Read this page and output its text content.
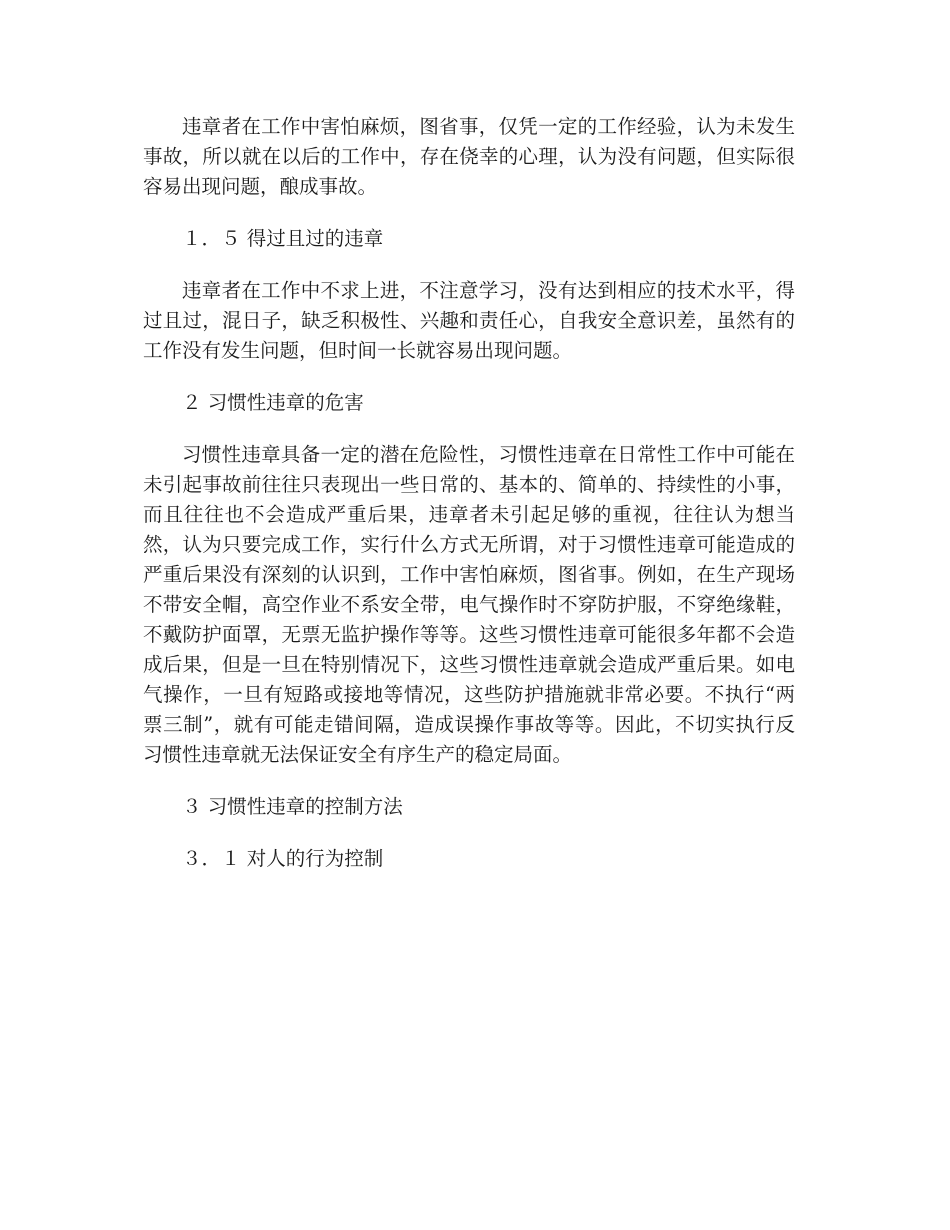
违章者在工作中害怕麻烦，图省事，仅凭一定的工作经验，认为未发生事故，所以就在以后的工作中，存在侥幸的心理，认为没有问题，但实际很容易出现问题，酿成事故。

１．５ 得过且过的违章

违章者在工作中不求上进，不注意学习，没有达到相应的技术水平，得过且过，混日子，缺乏积极性、兴趣和责任心，自我安全意识差，虽然有的工作没有发生问题，但时间一长就容易出现问题。

２ 习惯性违章的危害

习惯性违章具备一定的潜在危险性，习惯性违章在日常性工作中可能在未引起事故前往往只表现出一些日常的、基本的、简单的、持续性的小事，而且往往也不会造成严重后果，违章者未引起足够的重视，往往认为想当然，认为只要完成工作，实行什么方式无所谓，对于习惯性违章可能造成的严重后果没有深刻的认识到，工作中害怕麻烦，图省事。例如，在生产现场不带安全帽，高空作业不系安全带，电气操作时不穿防护服，不穿绝缘鞋，不戴防护面罩，无票无监护操作等等。这些习惯性违章可能很多年都不会造成后果，但是一旦在特别情况下，这些习惯性违章就会造成严重后果。如电气操作，一旦有短路或接地等情况，这些防护措施就非常必要。不执行“两票三制”，就有可能走错间隔，造成误操作事故等等。因此，不切实执行反习惯性违章就无法保证安全有序生产的稳定局面。

３ 习惯性违章的控制方法

３．１ 对人的行为控制
